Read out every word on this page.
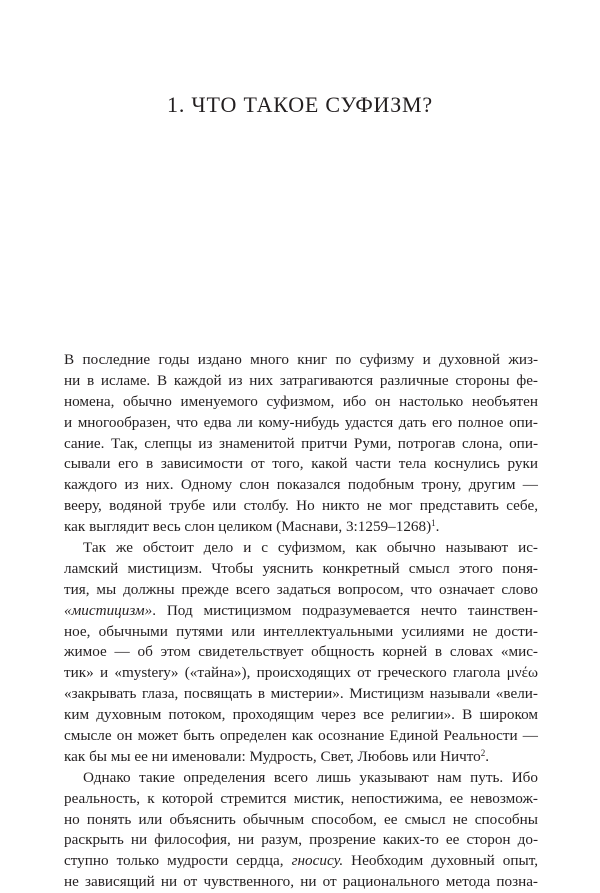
1. ЧТО ТАКОЕ СУФИЗМ?

В последние годы издано много книг по суфизму и духовной жиз-
ни в исламе. В каждой из них затрагиваются различные стороны фе-
номена, обычно именуемого суфизмом, ибо он настолько необъятен
и многообразен, что едва ли кому-нибудь удастся дать его полное опи-
сание. Так, слепцы из знаменитой притчи Руми, потрогав слона, опи-
сывали его в зависимости от того, какой части тела коснулись руки
каждого из них. Одному слон показался подобным трону, другим —
вееру, водяной трубе или столбу. Но никто не мог представить себе,
как выглядит весь слон целиком (Маснави, 3:1259–1268)$^1$.

Так же обстоит дело и с суфизмом, как обычно называют ис-
ламский мистицизм. Чтобы уяснить конкретный смысл этого поня-
тия, мы должны прежде всего задаться вопросом, что означает слово
«мистицизм». Под мистицизмом подразумевается нечто таинствен-
ное, обычными путями или интеллектуальными усилиями не дости-
жимое — об этом свидетельствует общность корней в словах «мис-
тик» и «mystery» («тайна»), происходящих от греческого глагола μνέω
«закрывать глаза, посвящать в мистерии». Мистицизм называли «вели-
ким духовным потоком, проходящим через все религии». В широком
смысле он может быть определен как осознание Единой Реальности —
как бы мы ее ни именовали: Мудрость, Свет, Любовь или Ничто$^2$.

Однако такие определения всего лишь указывают нам путь. Ибо
реальность, к которой стремится мистик, непостижима, ее невозмож-
но понять или объяснить обычным способом, ее смысл не способны
раскрыть ни философия, ни разум, прозрение каких-то ее сторон до-
ступно только мудрости сердца, гносису. Необходим духовный опыт,
не зависящий ни от чувственного, ни от рационального метода позна-
